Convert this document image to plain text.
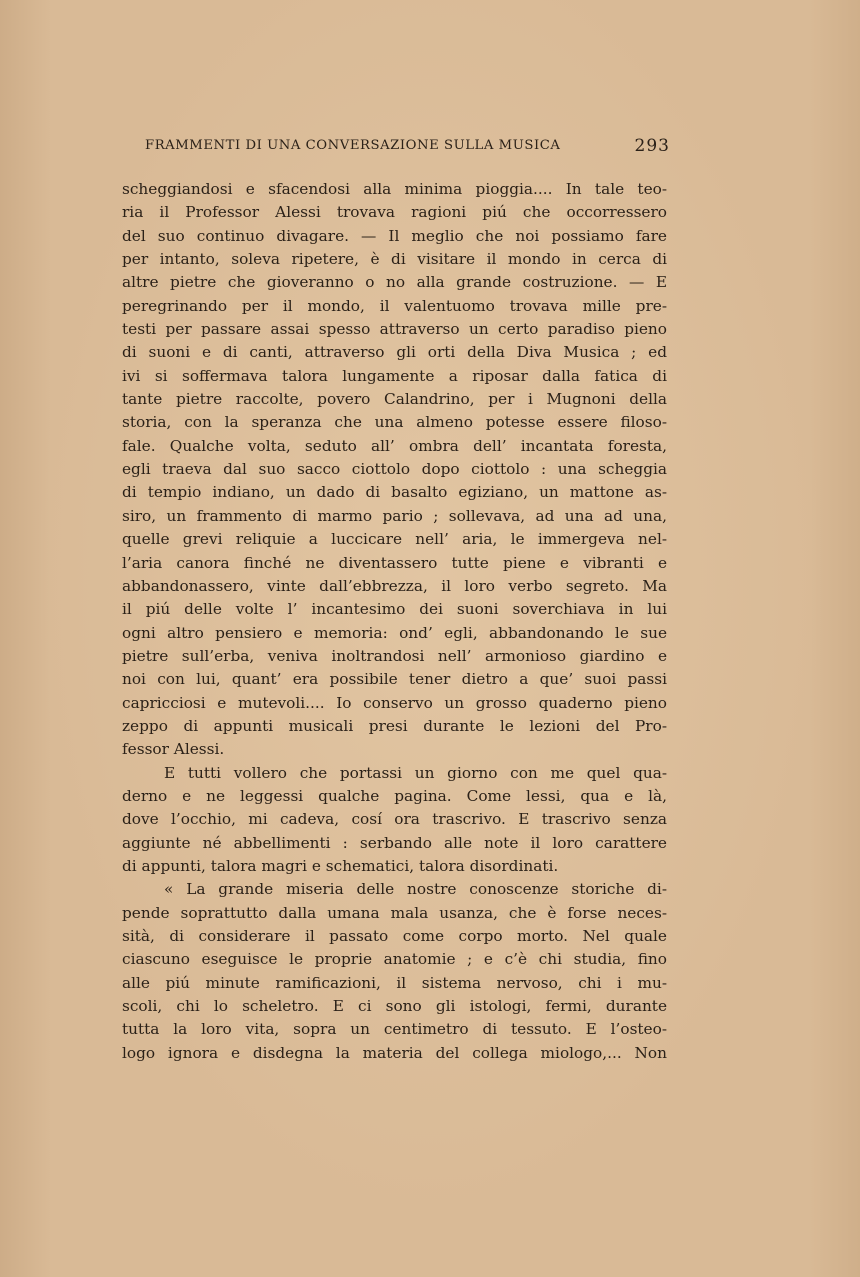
FRAMMENTI DI UNA CONVERSAZIONE SULLA MUSICA	293
scheggiandosi e sfacendosi alla minima pioggia.... In tale teo-
ria il Professor Alessi trovava ragioni piú che occorressero
del suo continuo divagare. — Il meglio che noi possiamo fare
per intanto, soleva ripetere, è di visitare il mondo in cerca di
altre pietre che gioveranno o no alla grande costruzione. — E
peregrinando per il mondo, il valentuomo trovava mille pre-
testi per passare assai spesso attraverso un certo paradiso pieno
di suoni e di canti, attraverso gli orti della Diva Musica ; ed
ivi si soffermava talora lungamente a riposar dalla fatica di
tante pietre raccolte, povero Calandrino, per i Mugnoni della
storia, con la speranza che una almeno potesse essere filoso-
fale. Qualche volta, seduto all’ ombra dell’ incantata foresta,
egli traeva dal suo sacco ciottolo dopo ciottolo : una scheggia
di tempio indiano, un dado di basalto egiziano, un mattone as-
siro, un frammento di marmo pario ; sollevava, ad una ad una,
quelle grevi reliquie a luccicare nell’ aria, le immergeva nel-
l’aria canora finché ne diventassero tutte piene e vibranti e
abbandonassero, vinte dall’ebbrezza, il loro verbo segreto. Ma
il piú delle volte l’ incantesimo dei suoni soverchiava in lui
ogni altro pensiero e memoria: ond’ egli, abbandonando le sue
pietre sull’erba, veniva inoltrandosi nell’ armonioso giardino e
noi con lui, quant’ era possibile tener dietro a que’ suoi passi
capricciosi e mutevoli.... Io conservo un grosso quaderno pieno
zeppo di appunti musicali presi durante le lezioni del Pro-
fessor Alessi.
E tutti vollero che portassi un giorno con me quel qua-
derno e ne leggessi qualche pagina. Come lessi, qua e là,
dove l’occhio, mi cadeva, cosí ora trascrivo. E trascrivo senza
aggiunte né abbellimenti : serbando alle note il loro carattere
di appunti, talora magri e schematici, talora disordinati.
« La grande miseria delle nostre conoscenze storiche di-
pende soprattutto dalla umana mala usanza, che è forse neces-
sità, di considerare il passato come corpo morto. Nel quale
ciascuno eseguisce le proprie anatomie ; e c’è chi studia, fino
alle piú minute ramificazioni, il sistema nervoso, chi i mu-
scoli, chi lo scheletro. E ci sono gli istologi, fermi, durante
tutta la loro vita, sopra un centimetro di tessuto. E l’osteo-
logo ignora e disdegna la materia del collega miologo,... Non
